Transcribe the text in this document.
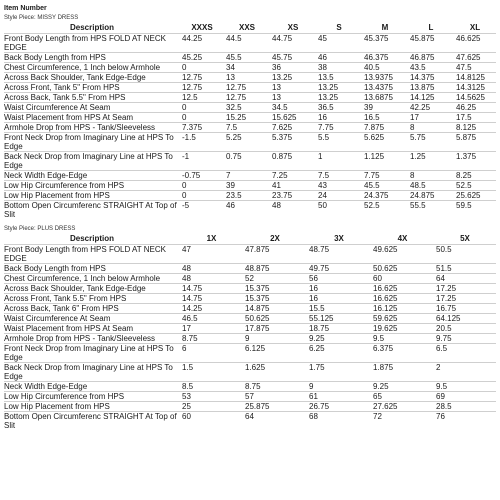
Item Number
Style Piece: MISSY DRESS
Description	XXXS	XXS	XS	S	M	L	XL
Front Body Length from HPS FOLD AT NECK EDGE	44.25	44.5	44.75	45	45.375	45.875	46.625
Back Body Length from HPS	45.25	45.5	45.75	46	46.375	46.875	47.625
Chest Circumference, 1 Inch below Armhole	0	34	36	38	40.5	43.5	47.5
Across Back Shoulder, Tank Edge-Edge	12.75	13	13.25	13.5	13.9375	14.375	14.8125
Across Front, Tank 5" From HPS	12.75	12.75	13	13.25	13.4375	13.875	14.3125
Across Back, Tank 5.5" From HPS	12.5	12.75	13	13.25	13.6875	14.125	14.5625
Waist Circumference At Seam	0	32.5	34.5	36.5	39	42.25	46.25
Waist Placement from HPS At Seam	0	15.25	15.625	16	16.5	17	17.5
Armhole Drop from HPS - Tank/Sleeveless	7.375	7.5	7.625	7.75	7.875	8	8.125
Front Neck Drop from Imaginary Line at HPS To Edge	-1.5	5.25	5.375	5.5	5.625	5.75	5.875
Back Neck Drop from Imaginary Line at HPS To Edge	-1	0.75	0.875	1	1.125	1.25	1.375
Neck Width Edge-Edge	-0.75	7	7.25	7.5	7.75	8	8.25
Low Hip Circumference from HPS	0	39	41	43	45.5	48.5	52.5
Low Hip Placement from HPS	0	23.5	23.75	24	24.375	24.875	25.625
Bottom Open Circumferenc STRAIGHT At Top of Slit	-5	46	48	50	52.5	55.5	59.5
Style Piece: PLUS DRESS
Description	1X	2X	3X	4X	5X
Front Body Length from HPS FOLD AT NECK EDGE	47	47.875	48.75	49.625	50.5
Back Body Length from HPS	48	48.875	49.75	50.625	51.5
Chest Circumference, 1 Inch below Armhole	48	52	56	60	64
Across Back Shoulder, Tank Edge-Edge	14.75	15.375	16	16.625	17.25
Across Front, Tank 5.5" From HPS	14.75	15.375	16	16.625	17.25
Across Back, Tank 6" From HPS	14.25	14.875	15.5	16.125	16.75
Waist Circumference At Seam	46.5	50.625	55.125	59.625	64.125
Waist Placement from HPS At Seam	17	17.875	18.75	19.625	20.5
Armhole Drop from HPS - Tank/Sleeveless	8.75	9	9.25	9.5	9.75
Front Neck Drop from Imaginary Line at HPS To Edge	6	6.125	6.25	6.375	6.5
Back Neck Drop from Imaginary Line at HPS To Edge	1.5	1.625	1.75	1.875	2
Neck Width Edge-Edge	8.5	8.75	9	9.25	9.5
Low Hip Circumference from HPS	53	57	61	65	69
Low Hip Placement from HPS	25	25.875	26.75	27.625	28.5
Bottom Open Circumferenc STRAIGHT At Top of Slit	60	64	68	72	76
